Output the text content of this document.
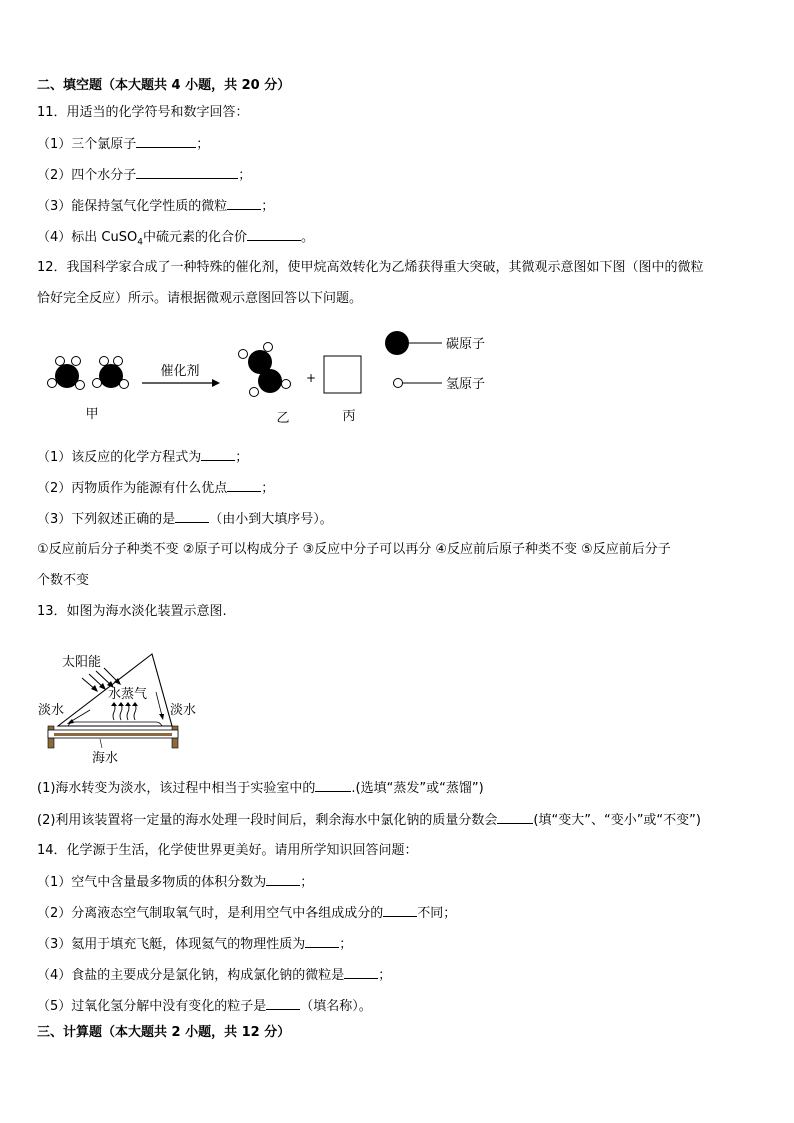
二、填空题（本大题共 4 小题，共 20 分）
11．用适当的化学符号和数字回答：
（1）三个氯原子	；
（2）四个水分子	；
（3）能保持氢气化学性质的微粒	；
（4）标出 CuSO$_4$中硫元素的化合价	。
12．我国科学家合成了一种特殊的催化剂，使甲烷高效转化为乙烯获得重大突破，其微观示意图如下图（图中的微粒
恰好完全反应）所示。请根据微观示意图回答以下问题。
甲
催化剂
乙
+
丙
碳原子
氢原子
（1）该反应的化学方程式为	；
（2）丙物质作为能源有什么优点	；
（3）下列叙述正确的是	（由小到大填序号）。
①反应前后分子种类不变 ②原子可以构成分子 ③反应中分子可以再分 ④反应前后原子种类不变 ⑤反应前后分子
个数不变
13．如图为海水淡化装置示意图.
太阳能
水蒸气
淡水	淡水
海水
(1)海水转变为淡水，该过程中相当于实验室中的	.(选填“蒸发”或“蒸馏”)
(2)利用该装置将一定量的海水处理一段时间后，剩余海水中氯化钠的质量分数会	(填“变大”、“变小”或“不变”)
14．化学源于生活，化学使世界更美好。请用所学知识回答问题：
（1）空气中含量最多物质的体积分数为	；
（2）分离液态空气制取氧气时，是利用空气中各组成成分的	不同；
（3）氦用于填充飞艇，体现氦气的物理性质为	；
（4）食盐的主要成分是氯化钠，构成氯化钠的微粒是	；
（5）过氧化氢分解中没有变化的粒子是	（填名称）。
三、计算题（本大题共 2 小题，共 12 分）
